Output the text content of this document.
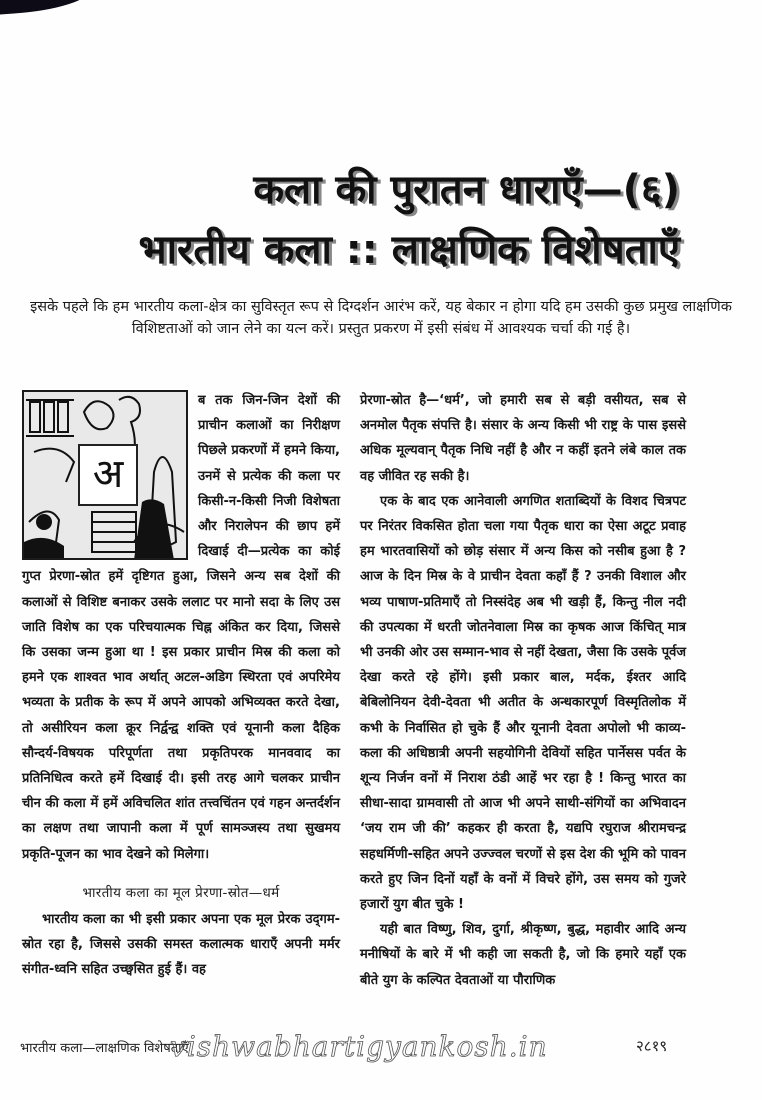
कला की पुरातन धाराएँ—(६)
भारतीय कला :: लाक्षणिक विशेषताएँ
इसके पहले कि हम भारतीय कला-क्षेत्र का सुविस्तृत रूप से दिग्दर्शन आरंभ करें, यह बेकार न होगा यदि हम उसकी कुछ प्रमुख लाक्षणिक विशिष्टताओं को जान लेने का यत्न करें। प्रस्तुत प्रकरण में इसी संबंध में आवश्यक चर्चा की गई है।
अ
ब तक जिन-जिन देशों की प्राचीन कलाओं का निरीक्षण पिछले प्रकरणों में हमने किया, उनमें से प्रत्येक की कला पर किसी-न-किसी निजी विशेषता और निरालेपन की छाप हमें दिखाई दी—प्रत्येक का कोई गुप्त प्रेरणा-स्रोत हमें दृष्टिगत हुआ, जिसने अन्य सब देशों की कलाओं से विशिष्ट बनाकर उसके ललाट पर मानो सदा के लिए उस जाति विशेष का एक परिचयात्मक चिह्न अंकित कर दिया, जिससे कि उसका जन्म हुआ था ! इस प्रकार प्राचीन मिस्र की कला को हमने एक शाश्वत भाव अर्थात् अटल-अडिग स्थिरता एवं अपरिमेय भव्यता के प्रतीक के रूप में अपने आपको अभिव्यक्त करते देखा, तो असीरियन कला क्रूर निर्द्वन्द्व शक्ति एवं यूनानी कला दैहिक सौन्दर्य-विषयक परिपूर्णता तथा प्रकृतिपरक मानववाद का प्रतिनिधित्व करते हमें दिखाई दी। इसी तरह आगे चलकर प्राचीन चीन की कला में हमें अविचलित शांत तत्त्वचिंतन एवं गहन अन्तर्दर्शन का लक्षण तथा जापानी कला में पूर्ण सामञ्जस्य तथा सुखमय प्रकृति-पूजन का भाव देखने को मिलेगा।
भारतीय कला का मूल प्रेरणा-स्रोत—धर्म
भारतीय कला का भी इसी प्रकार अपना एक मूल प्रेरक उद्‌गम-स्रोत रहा है, जिससे उसकी समस्त कलात्मक धाराएँ अपनी मर्मर संगीत-ध्वनि सहित उच्छ्वसित हुई हैं। वह
प्रेरणा-स्रोत है—‘धर्म’, जो हमारी सब से बड़ी वसीयत, सब से अनमोल पैतृक संपत्ति है। संसार के अन्य किसी भी राष्ट्र के पास इससे अधिक मूल्यवान् पैतृक निधि नहीं है और न कहीं इतने लंबे काल तक वह जीवित रह सकी है।
एक के बाद एक आनेवाली अगणित शताब्दियों के विशद चित्रपट पर निरंतर विकसित होता चला गया पैतृक धारा का ऐसा अटूट प्रवाह हम भारतवासियों को छोड़ संसार में अन्य किस को नसीब हुआ है ? आज के दिन मिस्र के वे प्राचीन देवता कहाँ हैं ? उनकी विशाल और भव्य पाषाण-प्रतिमाएँ तो निस्संदेह अब भी खड़ी हैं, किन्तु नील नदी की उपत्यका में धरती जोतनेवाला मिस्र का कृषक आज किंचित् मात्र भी उनकी ओर उस सम्मान-भाव से नहीं देखता, जैसा कि उसके पूर्वज देखा करते रहे होंगे। इसी प्रकार बाल, मर्दक, ईश्तर आदि बेबिलोनियन देवी-देवता भी अतीत के अन्धकारपूर्ण विस्मृतिलोक में कभी के निर्वासित हो चुके हैं और यूनानी देवता अपोलो भी काव्य-कला की अधिष्ठात्री अपनी सहयोगिनी देवियों सहित पार्नेसस पर्वत के शून्य निर्जन वनों में निराश ठंडी आहें भर रहा है ! किन्तु भारत का सीधा-सादा ग्रामवासी तो आज भी अपने साथी-संगियों का अभिवादन ‘जय राम जी की’ कहकर ही करता है, यद्यपि रघुराज श्रीरामचन्द्र सहधर्मिणी-सहित अपने उज्ज्वल चरणों से इस देश की भूमि को पावन करते हुए जिन दिनों यहाँ के वनों में विचरे होंगे, उस समय को गुजरे हजारों युग बीत चुके !
यही बात विष्णु, शिव, दुर्गा, श्रीकृष्ण, बुद्ध, महावीर आदि अन्य मनीषियों के बारे में भी कही जा सकती है, जो कि हमारे यहाँ एक बीते युग के कल्पित देवताओं या पौराणिक
भारतीय कला—लाक्षणिक विशेषताएँ
vishwabhartigyankosh.in	२८१९
